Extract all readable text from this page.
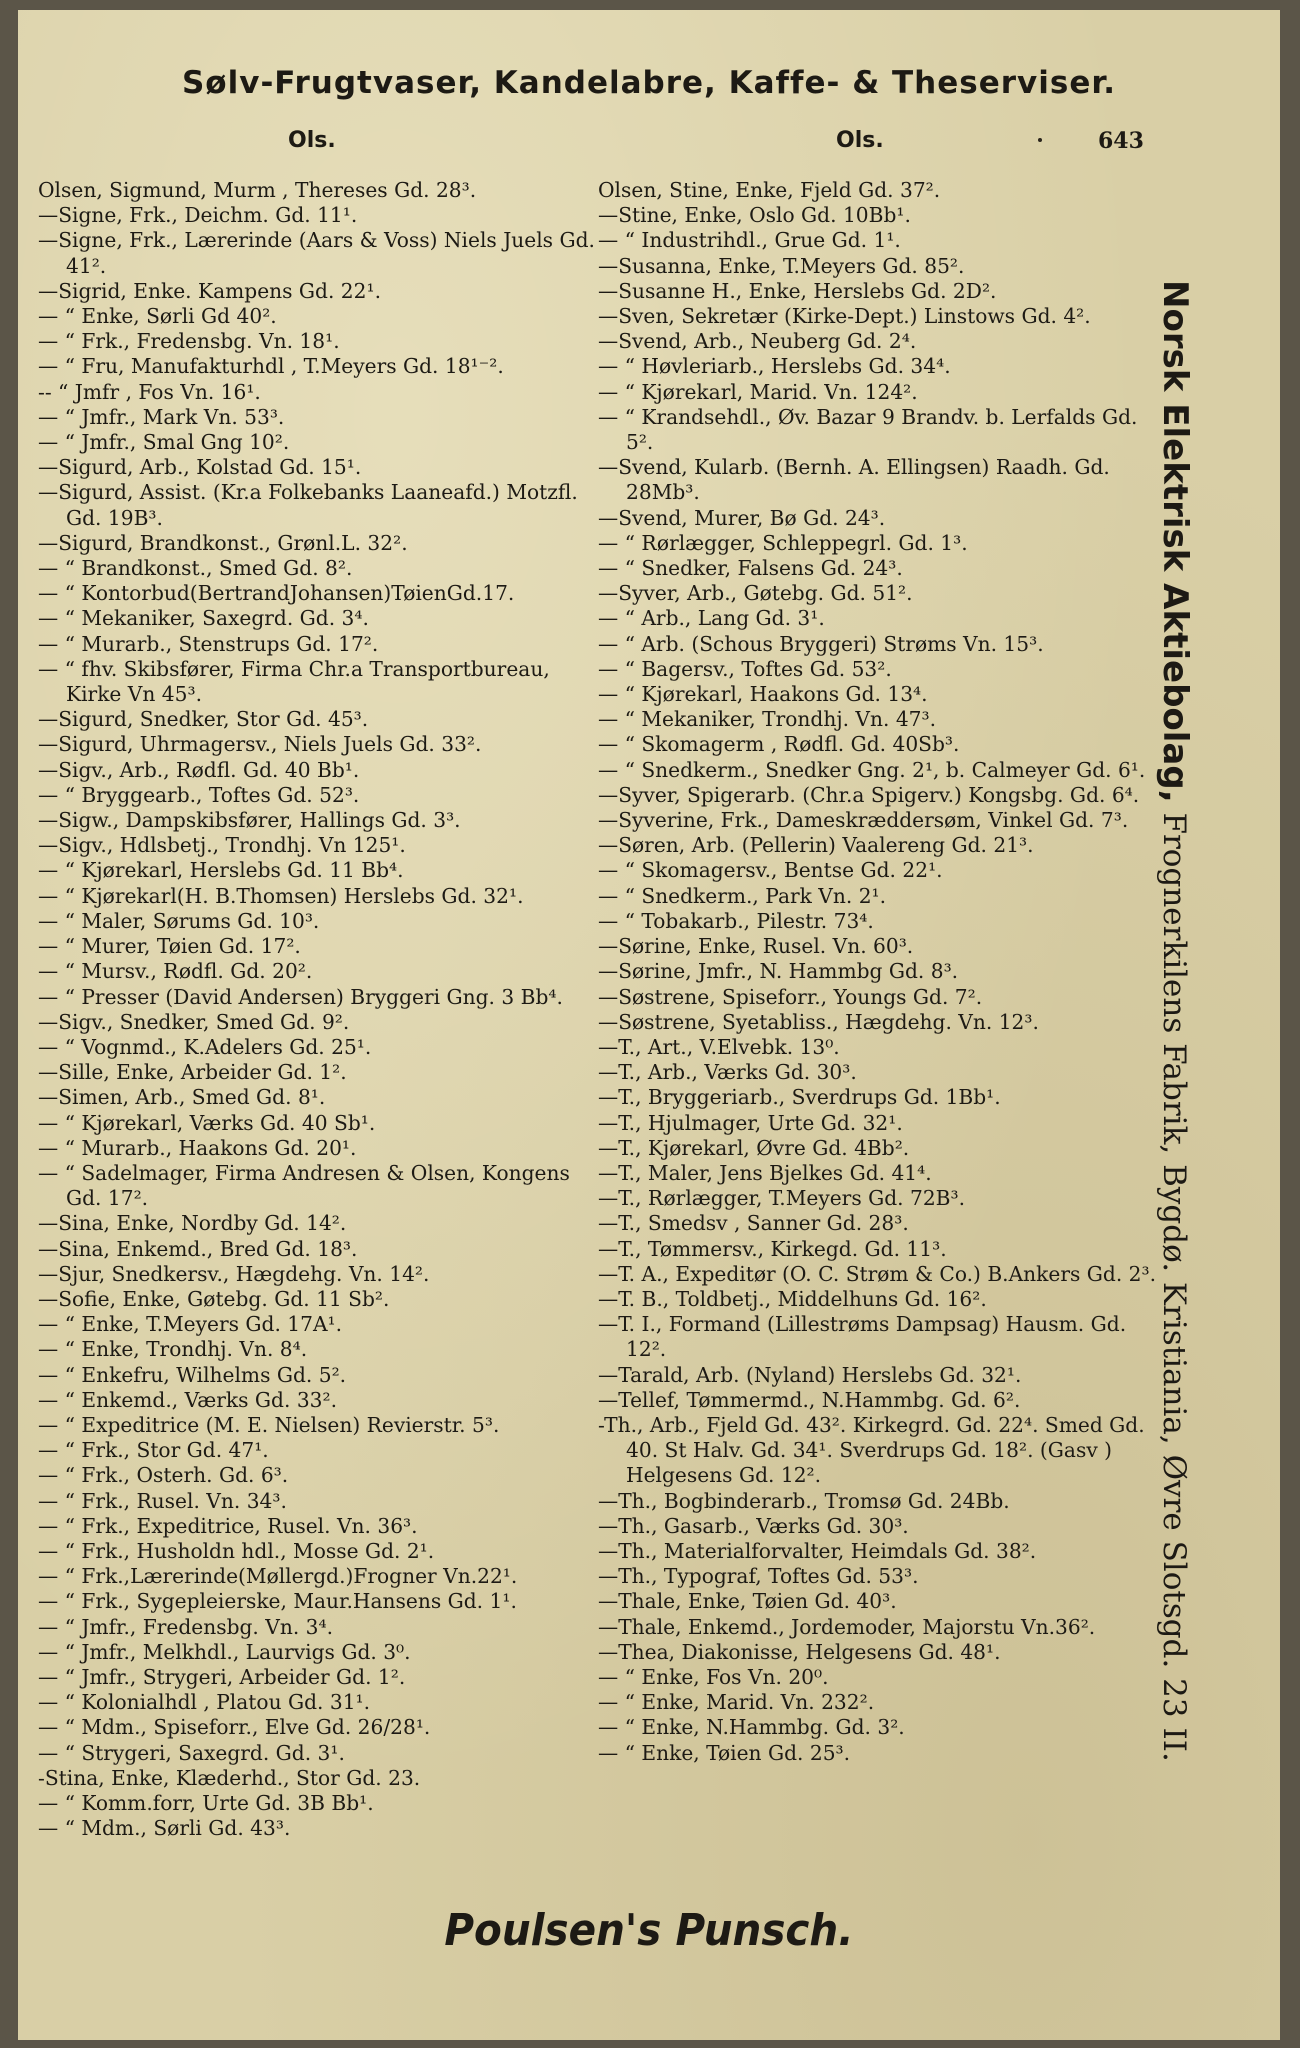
Sølv-Frugtvaser, Kandelabre, Kaffe- & Theserviser.
Ols.	Ols.	643

Olsen, Sigmund, Murm , Thereses Gd. 28³.

—Signe, Frk., Deichm. Gd. 11¹.

—Signe, Frk., Lærerinde (Aars & Voss) Niels Juels Gd. 41².

—Sigrid, Enke. Kampens Gd. 22¹.

— “ Enke, Sørli Gd 40².

— “ Frk., Fredensbg. Vn. 18¹.

— “ Fru, Manufakturhdl , T.Meyers Gd. 18¹⁻².

-- “ Jmfr , Fos Vn. 16¹.

— “ Jmfr., Mark Vn. 53³.

— “ Jmfr., Smal Gng 10².

—Sigurd, Arb., Kolstad Gd. 15¹.

—Sigurd, Assist. (Kr.a Folkebanks Laaneafd.) Motzfl. Gd. 19B³.

—Sigurd, Brandkonst., Grønl.L. 32².

— “ Brandkonst., Smed Gd. 8².

— “ Kontorbud(BertrandJohansen)TøienGd.17.

— “ Mekaniker, Saxegrd. Gd. 3⁴.

— “ Murarb., Stenstrups Gd. 17².

— “ fhv. Skibsfører, Firma Chr.a Transportbureau, Kirke Vn 45³.

—Sigurd, Snedker, Stor Gd. 45³.

—Sigurd, Uhrmagersv., Niels Juels Gd. 33².

—Sigv., Arb., Rødfl. Gd. 40 Bb¹.

— “ Bryggearb., Toftes Gd. 52³.

—Sigw., Dampskibsfører, Hallings Gd. 3³.

—Sigv., Hdlsbetj., Trondhj. Vn 125¹.

— “ Kjørekarl, Herslebs Gd. 11 Bb⁴.

— “ Kjørekarl(H. B.Thomsen) Herslebs Gd. 32¹.

— “ Maler, Sørums Gd. 10³.

— “ Murer, Tøien Gd. 17².

— “ Mursv., Rødfl. Gd. 20².

— “ Presser (David Andersen) Bryggeri Gng. 3 Bb⁴.

—Sigv., Snedker, Smed Gd. 9².

— “ Vognmd., K.Adelers Gd. 25¹.

—Sille, Enke, Arbeider Gd. 1².

—Simen, Arb., Smed Gd. 8¹.

— “ Kjørekarl, Værks Gd. 40 Sb¹.

— “ Murarb., Haakons Gd. 20¹.

— “ Sadelmager, Firma Andresen & Olsen, Kongens Gd. 17².

—Sina, Enke, Nordby Gd. 14².

—Sina, Enkemd., Bred Gd. 18³.

—Sjur, Snedkersv., Hægdehg. Vn. 14².

—Sofie, Enke, Gøtebg. Gd. 11 Sb².

— “ Enke, T.Meyers Gd. 17A¹.

— “ Enke, Trondhj. Vn. 8⁴.

— “ Enkefru, Wilhelms Gd. 5².

— “ Enkemd., Værks Gd. 33².

— “ Expeditrice (M. E. Nielsen) Revierstr. 5³.

— “ Frk., Stor Gd. 47¹.

— “ Frk., Osterh. Gd. 6³.

— “ Frk., Rusel. Vn. 34³.

— “ Frk., Expeditrice, Rusel. Vn. 36³.

— “ Frk., Husholdn hdl., Mosse Gd. 2¹.

— “ Frk.,Lærerinde(Møllergd.)Frogner Vn.22¹.

— “ Frk., Sygepleierske, Maur.Hansens Gd. 1¹.

— “ Jmfr., Fredensbg. Vn. 3⁴.

— “ Jmfr., Melkhdl., Laurvigs Gd. 3⁰.

— “ Jmfr., Strygeri, Arbeider Gd. 1².

— “ Kolonialhdl , Platou Gd. 31¹.

— “ Mdm., Spiseforr., Elve Gd. 26/28¹.

— “ Strygeri, Saxegrd. Gd. 3¹.

-Stina, Enke, Klæderhd., Stor Gd. 23.

— “ Komm.forr, Urte Gd. 3B Bb¹.

— “ Mdm., Sørli Gd. 43³.

Olsen, Stine, Enke, Fjeld Gd. 37².

—Stine, Enke, Oslo Gd. 10Bb¹.

— “ Industrihdl., Grue Gd. 1¹.

—Susanna, Enke, T.Meyers Gd. 85².

—Susanne H., Enke, Herslebs Gd. 2D².

—Sven, Sekretær (Kirke-Dept.) Linstows Gd. 4².

—Svend, Arb., Neuberg Gd. 2⁴.

— “ Høvleriarb., Herslebs Gd. 34⁴.

— “ Kjørekarl, Marid. Vn. 124².

— “ Krandsehdl., Øv. Bazar 9 Brandv. b. Lerfalds Gd. 5².

—Svend, Kularb. (Bernh. A. Ellingsen) Raadh. Gd. 28Mb³.

—Svend, Murer, Bø Gd. 24³.

— “ Rørlægger, Schleppegrl. Gd. 1³.

— “ Snedker, Falsens Gd. 24³.

—Syver, Arb., Gøtebg. Gd. 51².

— “ Arb., Lang Gd. 3¹.

— “ Arb. (Schous Bryggeri) Strøms Vn. 15³.

— “ Bagersv., Toftes Gd. 53².

— “ Kjørekarl, Haakons Gd. 13⁴.

— “ Mekaniker, Trondhj. Vn. 47³.

— “ Skomagerm , Rødfl. Gd. 40Sb³.

— “ Snedkerm., Snedker Gng. 2¹, b. Calmeyer Gd. 6¹.

—Syver, Spigerarb. (Chr.a Spigerv.) Kongsbg. Gd. 6⁴.

—Syverine, Frk., Dameskræddersøm, Vinkel Gd. 7³.

—Søren, Arb. (Pellerin) Vaalereng Gd. 21³.

— “ Skomagersv., Bentse Gd. 22¹.

— “ Snedkerm., Park Vn. 2¹.

— “ Tobakarb., Pilestr. 73⁴.

—Sørine, Enke, Rusel. Vn. 60³.

—Sørine, Jmfr., N. Hammbg Gd. 8³.

—Søstrene, Spiseforr., Youngs Gd. 7².

—Søstrene, Syetabliss., Hægdehg. Vn. 12³.

—T., Art., V.Elvebk. 13⁰.

—T., Arb., Værks Gd. 30³.

—T., Bryggeriarb., Sverdrups Gd. 1Bb¹.

—T., Hjulmager, Urte Gd. 32¹.

—T., Kjørekarl, Øvre Gd. 4Bb².

—T., Maler, Jens Bjelkes Gd. 41⁴.

—T., Rørlægger, T.Meyers Gd. 72B³.

—T., Smedsv , Sanner Gd. 28³.

—T., Tømmersv., Kirkegd. Gd. 11³.

—T. A., Expeditør (O. C. Strøm & Co.) B.Ankers Gd. 2³.

—T. B., Toldbetj., Middelhuns Gd. 16².

—T. I., Formand (Lillestrøms Dampsag) Hausm. Gd. 12².

—Tarald, Arb. (Nyland) Herslebs Gd. 32¹.

—Tellef, Tømmermd., N.Hammbg. Gd. 6².

-Th., Arb., Fjeld Gd. 43². Kirkegrd. Gd. 22⁴. Smed Gd. 40. St Halv. Gd. 34¹. Sverdrups Gd. 18². (Gasv ) Helgesens Gd. 12².

—Th., Bogbinderarb., Tromsø Gd. 24Bb.

—Th., Gasarb., Værks Gd. 30³.

—Th., Materialforvalter, Heimdals Gd. 38².

—Th., Typograf, Toftes Gd. 53³.

—Thale, Enke, Tøien Gd. 40³.

—Thale, Enkemd., Jordemoder, Majorstu Vn.36².

—Thea, Diakonisse, Helgesens Gd. 48¹.

— “ Enke, Fos Vn. 20⁰.

— “ Enke, Marid. Vn. 232².

— “ Enke, N.Hammbg. Gd. 3².

— “ Enke, Tøien Gd. 25³.

Norsk Elektrisk Aktiebolag, Frognerkilens Fabrik, Bygdø. Kristiania, Øvre Slotsgd. 23 II.
Poulsen's Punsch.
